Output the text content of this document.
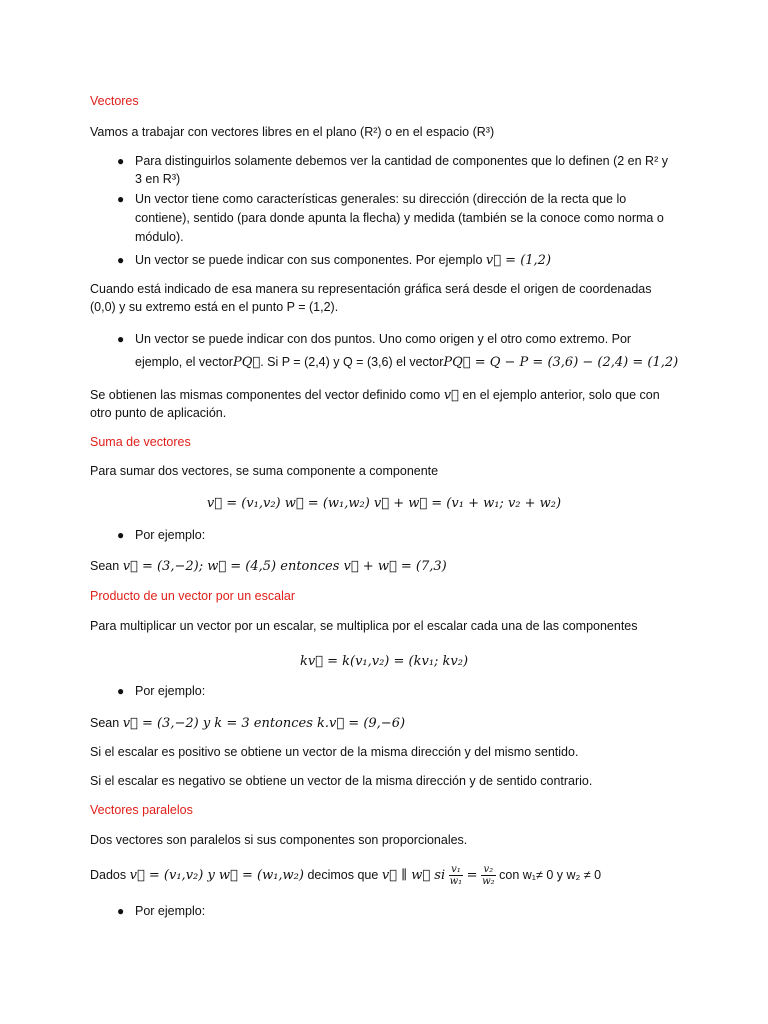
Vectores
Vamos a trabajar con vectores libres en el plano (R²) o en el espacio (R³)
● Para distinguirlos solamente debemos ver la cantidad de componentes que lo definen (2 en R² y
3 en R³)
● Un vector tiene como características generales: su dirección (dirección de la recta que lo
contiene), sentido (para donde apunta la flecha) y medida (también se la conoce como norma o
módulo).
● Un vector se puede indicar con sus componentes. Por ejemplo v⃗ = (1,2)
Cuando está indicado de esa manera su representación gráfica será desde el origen de coordenadas
(0,0) y su extremo está en el punto P = (1,2).
● Un vector se puede indicar con dos puntos. Uno como origen y el otro como extremo. Por
ejemplo, el vectorPQ⃗. Si P = (2,4) y Q = (3,6) el vectorPQ⃗ = Q − P = (3,6) − (2,4) = (1,2)
Se obtienen las mismas componentes del vector definido como v⃗ en el ejemplo anterior, solo que con
otro punto de aplicación.
Suma de vectores
Para sumar dos vectores, se suma componente a componente
v⃗ = (v₁,v₂) w⃗ = (w₁,w₂) v⃗ + w⃗ = (v₁ + w₁; v₂ + w₂)
● Por ejemplo:
Sean v⃗ = (3,−2); w⃗ = (4,5) entonces v⃗ + w⃗ = (7,3)
Producto de un vector por un escalar
Para multiplicar un vector por un escalar, se multiplica por el escalar cada una de las componentes
kv⃗ = k(v₁,v₂) = (kv₁; kv₂)
● Por ejemplo:
Sean v⃗ = (3,−2) y k = 3 entonces k.v⃗ = (9,−6)
Si el escalar es positivo se obtiene un vector de la misma dirección y del mismo sentido.
Si el escalar es negativo se obtiene un vector de la misma dirección y de sentido contrario.
Vectores paralelos
Dos vectores son paralelos si sus componentes son proporcionales.
Dados v⃗ = (v₁,v₂) y w⃗ = (w₁,w₂) decimos que v⃗ ∥ w⃗ si $\frac{\text{v₁}}{\text{w₁}} = \frac{\text{v₂}}{\text{w₂}}$ con w₁≠ 0 y w₂ ≠ 0
● Por ejemplo:
